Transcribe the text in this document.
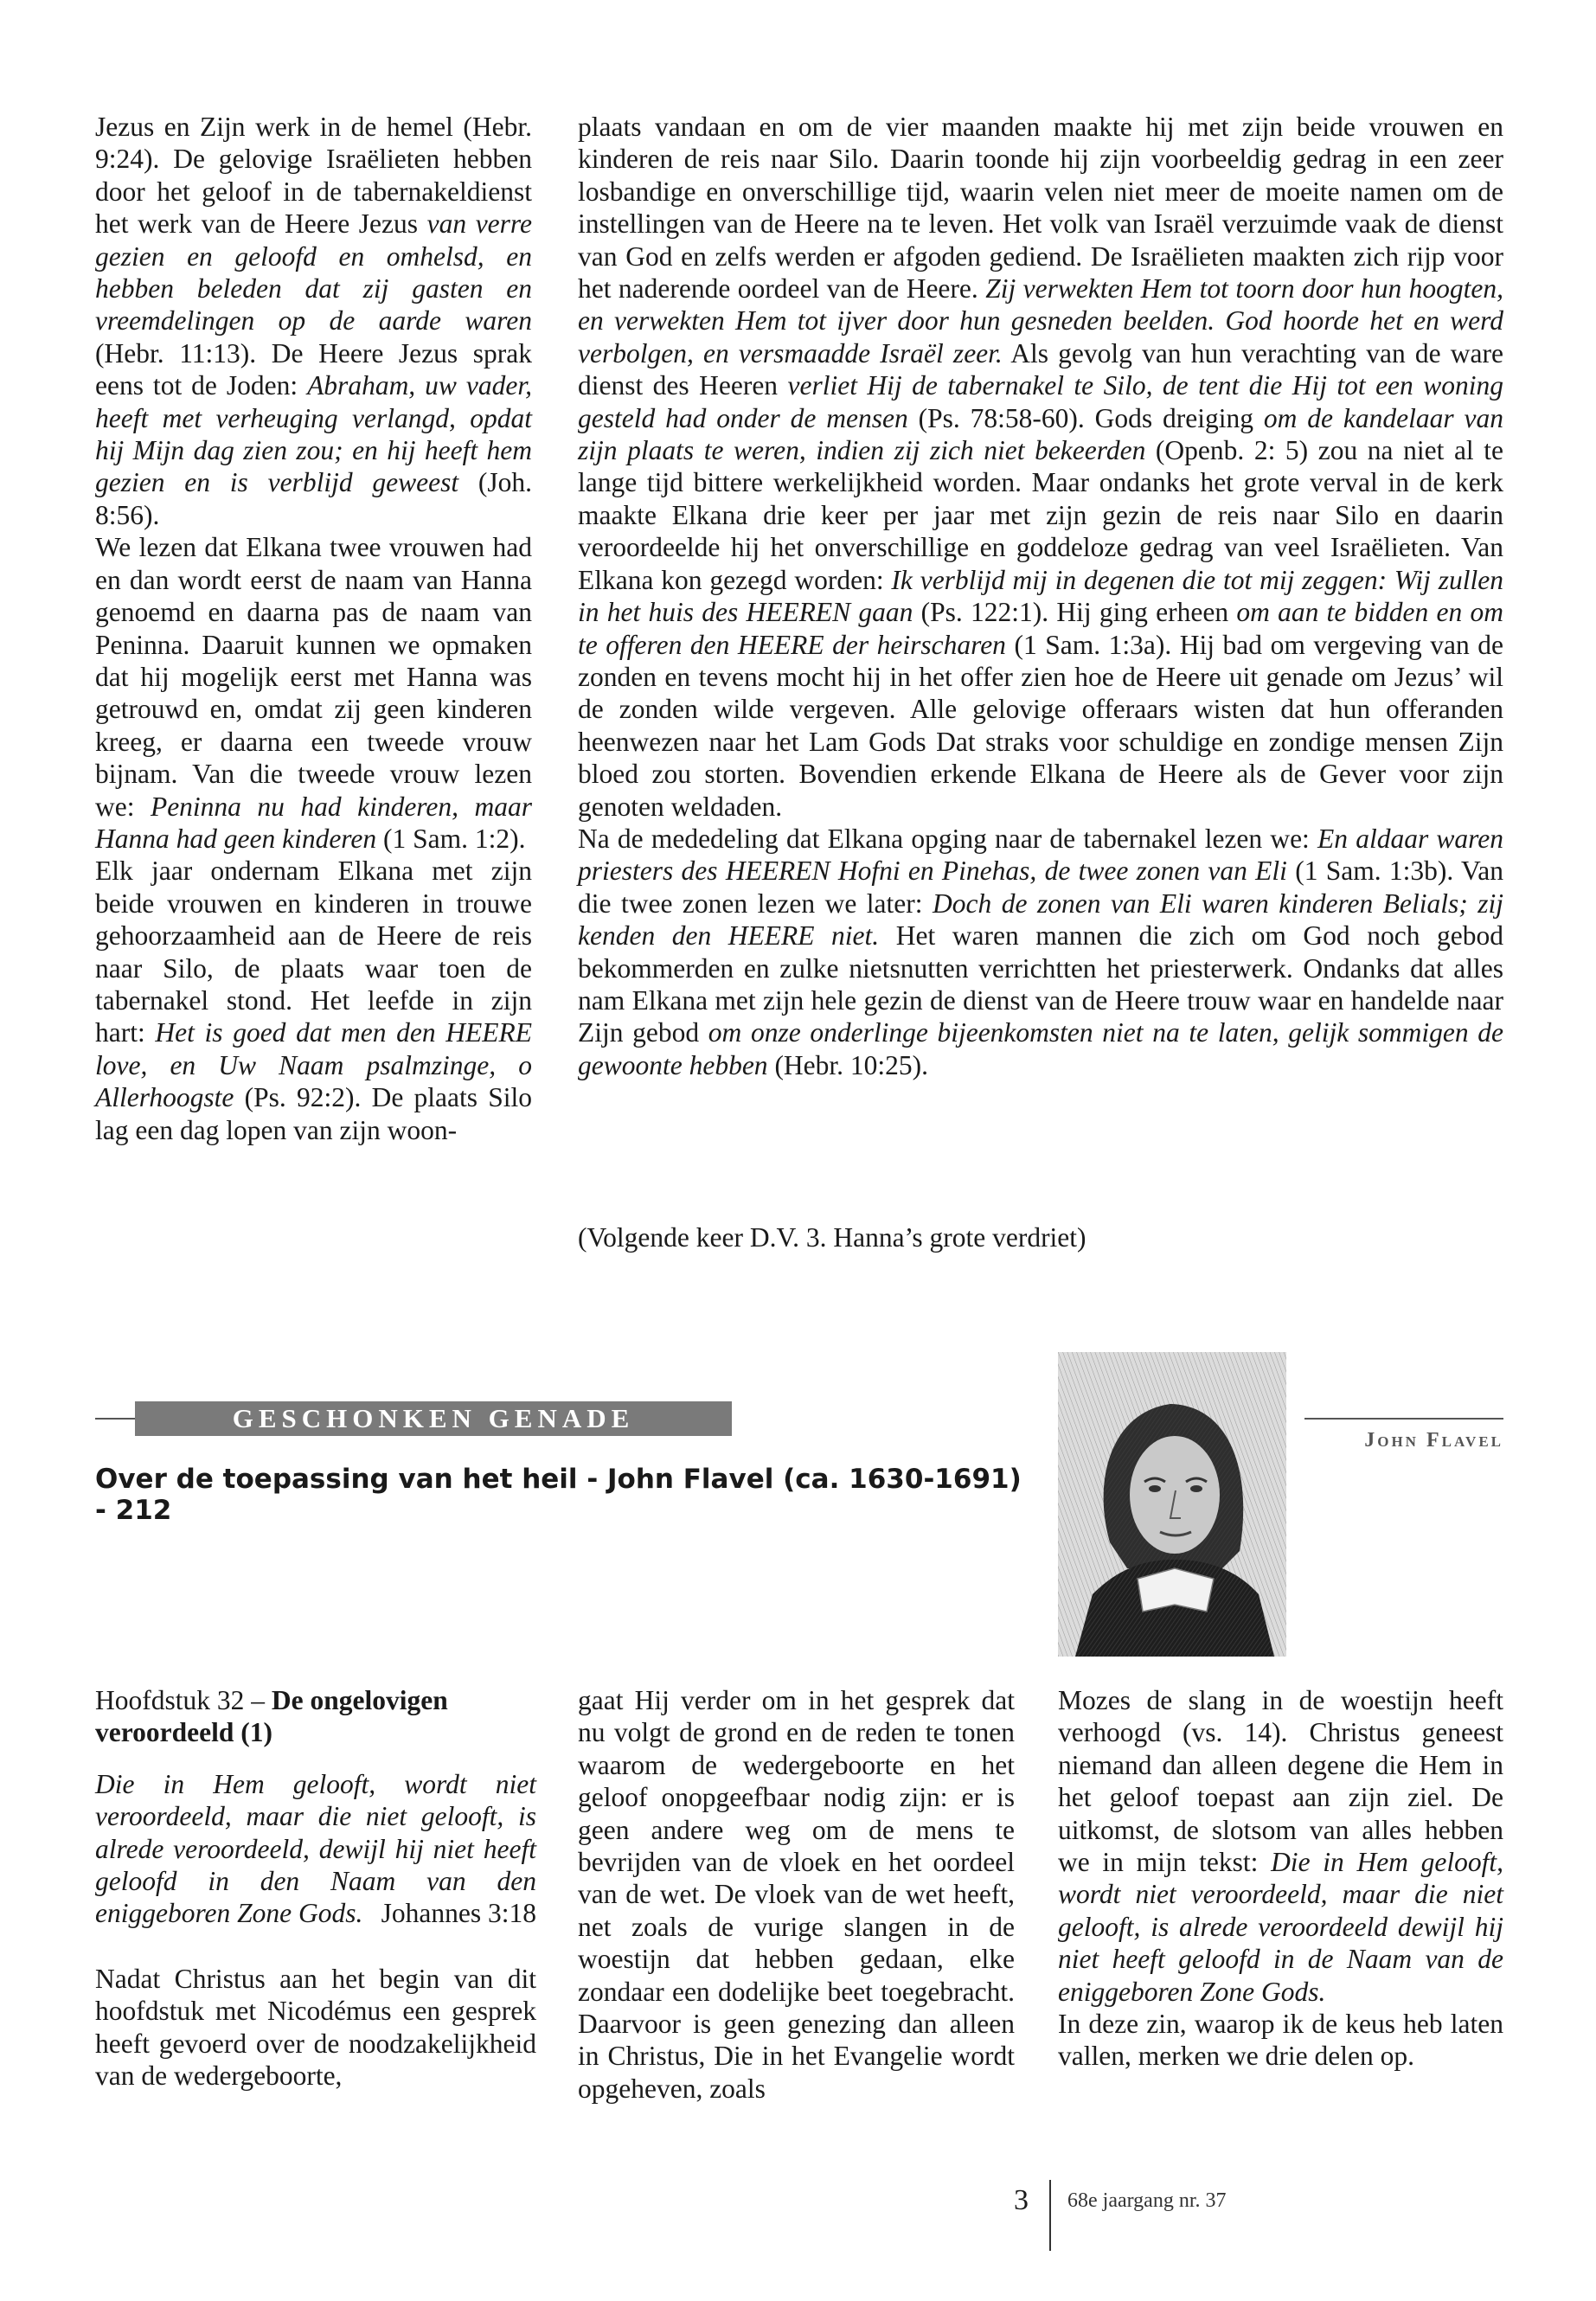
Jezus en Zijn werk in de hemel (Hebr. 9:24). De gelovige Israëlieten hebben door het geloof in de tabernakeldienst het werk van de Heere Jezus van verre gezien en geloofd en omhelsd, en hebben beleden dat zij gasten en vreemdelingen op de aarde waren (Hebr. 11:13). De Heere Jezus sprak eens tot de Joden: Abraham, uw vader, heeft met verheuging verlangd, opdat hij Mijn dag zien zou; en hij heeft hem gezien en is verblijd geweest (Joh. 8:56).

We lezen dat Elkana twee vrouwen had en dan wordt eerst de naam van Hanna genoemd en daarna pas de naam van Peninna. Daaruit kunnen we opmaken dat hij mogelijk eerst met Hanna was getrouwd en, omdat zij geen kinderen kreeg, er daarna een tweede vrouw bijnam. Van die tweede vrouw lezen we: Peninna nu had kinderen, maar Hanna had geen kinderen (1 Sam. 1:2).

Elk jaar ondernam Elkana met zijn beide vrouwen en kinderen in trouwe gehoorzaamheid aan de Heere de reis naar Silo, de plaats waar toen de tabernakel stond. Het leefde in zijn hart: Het is goed dat men den HEERE love, en Uw Naam psalmzinge, o Allerhoogste (Ps. 92:2). De plaats Silo lag een dag lopen van zijn woon-

plaats vandaan en om de vier maanden maakte hij met zijn beide vrouwen en kinderen de reis naar Silo. Daarin toonde hij zijn voorbeeldig gedrag in een zeer losbandige en onverschillige tijd, waarin velen niet meer de moeite namen om de instellingen van de Heere na te leven. Het volk van Israël verzuimde vaak de dienst van God en zelfs werden er afgoden gediend. De Israëlieten maakten zich rijp voor het naderende oordeel van de Heere. Zij verwekten Hem tot toorn door hun hoogten, en verwekten Hem tot ijver door hun gesneden beelden. God hoorde het en werd verbolgen, en versmaadde Israël zeer. Als gevolg van hun verachting van de ware dienst des Heeren verliet Hij de tabernakel te Silo, de tent die Hij tot een woning gesteld had onder de mensen (Ps. 78:58-60). Gods dreiging om de kandelaar van zijn plaats te weren, indien zij zich niet bekeerden (Openb. 2: 5) zou na niet al te lange tijd bittere werkelijkheid worden. Maar ondanks het grote verval in de kerk maakte Elkana drie keer per jaar met zijn gezin de reis naar Silo en daarin veroordeelde hij het onverschillige en goddeloze gedrag van veel Israëlieten. Van Elkana kon gezegd worden: Ik verblijd mij in degenen die tot mij zeggen: Wij zullen in het huis des HEEREN gaan (Ps. 122:1). Hij ging erheen om aan te bidden en om te offeren den HEERE der heirscharen (1 Sam. 1:3a). Hij bad om vergeving van de zonden en tevens mocht hij in het offer zien hoe de Heere uit genade om Jezus’ wil de zonden wilde vergeven. Alle gelovige offeraars wisten dat hun offeranden heenwezen naar het Lam Gods Dat straks voor schuldige en zondige mensen Zijn bloed zou storten. Bovendien erkende Elkana de Heere als de Gever voor zijn genoten weldaden.

Na de mededeling dat Elkana opging naar de tabernakel lezen we: En aldaar waren priesters des HEEREN Hofni en Pinehas, de twee zonen van Eli (1 Sam. 1:3b). Van die twee zonen lezen we later: Doch de zonen van Eli waren kinderen Belials; zij kenden den HEERE niet. Het waren mannen die zich om God noch gebod bekommerden en zulke nietsnutten verrichtten het priesterwerk. Ondanks dat alles nam Elkana met zijn hele gezin de dienst van de Heere trouw waar en handelde naar Zijn gebod om onze onderlinge bijeenkomsten niet na te laten, gelijk sommigen de gewoonte hebben (Hebr. 10:25).

(Volgende keer D.V. 3. Hanna’s grote verdriet)
GESCHONKEN GENADE
Over de toepassing van het heil - John Flavel (ca. 1630-1691) - 212
John Flavel

Hoofdstuk 32 – De ongelovigen veroordeeld (1)

Die in Hem gelooft, wordt niet veroordeeld, maar die niet gelooft, is alrede veroordeeld, dewijl hij niet heeft geloofd in den Naam van den eniggeboren Zone Gods. Johannes 3:18

Nadat Christus aan het begin van dit hoofdstuk met Nicodémus een gesprek heeft gevoerd over de noodzakelijkheid van de wedergeboorte,

gaat Hij verder om in het gesprek dat nu volgt de grond en de reden te tonen waarom de wedergeboorte en het geloof onopgeefbaar nodig zijn: er is geen andere weg om de mens te bevrijden van de vloek en het oordeel van de wet. De vloek van de wet heeft, net zoals de vurige slangen in de woestijn dat hebben gedaan, elke zondaar een dodelijke beet toegebracht. Daarvoor is geen genezing dan alleen in Christus, Die in het Evangelie wordt opgeheven, zoals

Mozes de slang in de woestijn heeft verhoogd (vs. 14). Christus geneest niemand dan alleen degene die Hem in het geloof toepast aan zijn ziel. De uitkomst, de slotsom van alles hebben we in mijn tekst: Die in Hem gelooft, wordt niet veroordeeld, maar die niet gelooft, is alrede veroordeeld dewijl hij niet heeft geloofd in de Naam van de eniggeboren Zone Gods.

In deze zin, waarop ik de keus heb laten vallen, merken we drie delen op.

3 68e jaargang nr. 37
